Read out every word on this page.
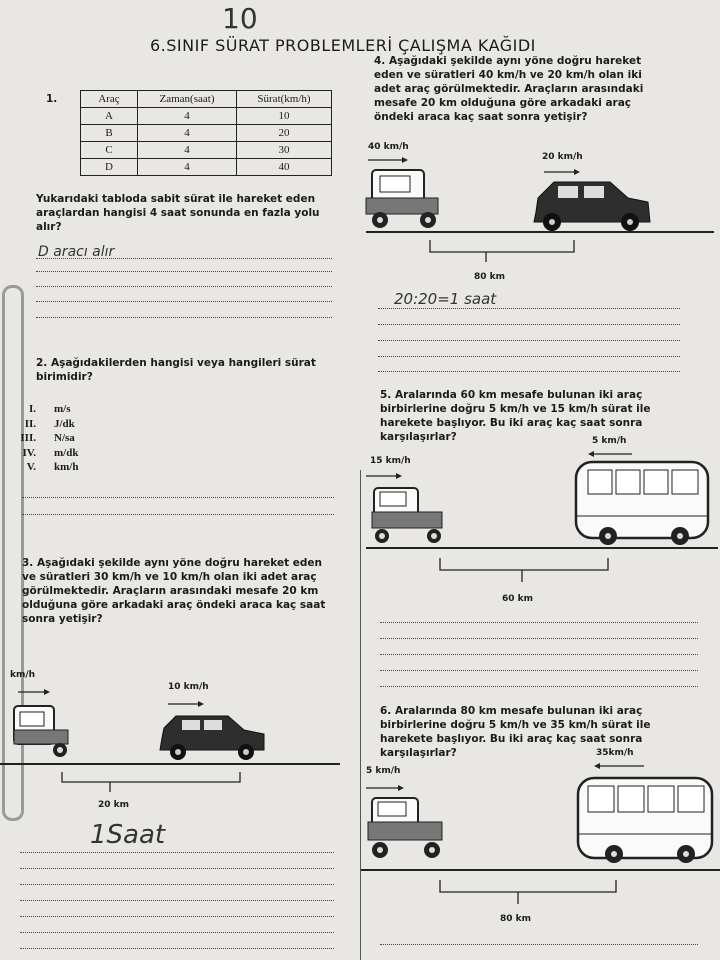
10
6.SINIF SÜRAT PROBLEMLERİ ÇALIŞMA KAĞIDI
1.	Araç	Zaman(saat)	Sürat(km/h)
A	4	10
B	4	20
C	4	30
D	4	40
Yukarıdaki tabloda sabit sürat ile hareket eden araçlardan hangisi 4 saat sonunda en fazla yolu alır?
D aracı alır
2. Aşağıdakilerden hangisi veya hangileri sürat birimidir?
I. m/s
II. J/dk
III. N/sa
IV. m/dk
V. km/h
3. Aşağıdaki şekilde aynı yöne doğru hareket eden ve süratleri 30 km/h ve 10 km/h olan iki adet araç görülmektedir. Araçların arasındaki mesafe 20 km olduğuna göre arkadaki araç öndeki araca kaç saat sonra yetişir?
km/h
10 km/h
20 km
1Saat
4. Aşağıdaki şekilde aynı yöne doğru hareket eden ve süratleri 40 km/h ve 20 km/h olan iki adet araç görülmektedir. Araçların arasındaki mesafe 20 km olduğuna göre arkadaki araç öndeki araca kaç saat sonra yetişir?
40 km/h
20 km/h
80 km
20:20=1 saat
5. Aralarında 60 km mesafe bulunan iki araç birbirlerine doğru 5 km/h ve 15 km/h sürat ile harekete başlıyor. Bu iki araç kaç saat sonra karşılaşırlar?
15 km/h
5 km/h
60 km
6. Aralarında 80 km mesafe bulunan iki araç birbirlerine doğru 5 km/h ve 35 km/h sürat ile harekete başlıyor. Bu iki araç kaç saat sonra karşılaşırlar?
5 km/h
35km/h
80 km
